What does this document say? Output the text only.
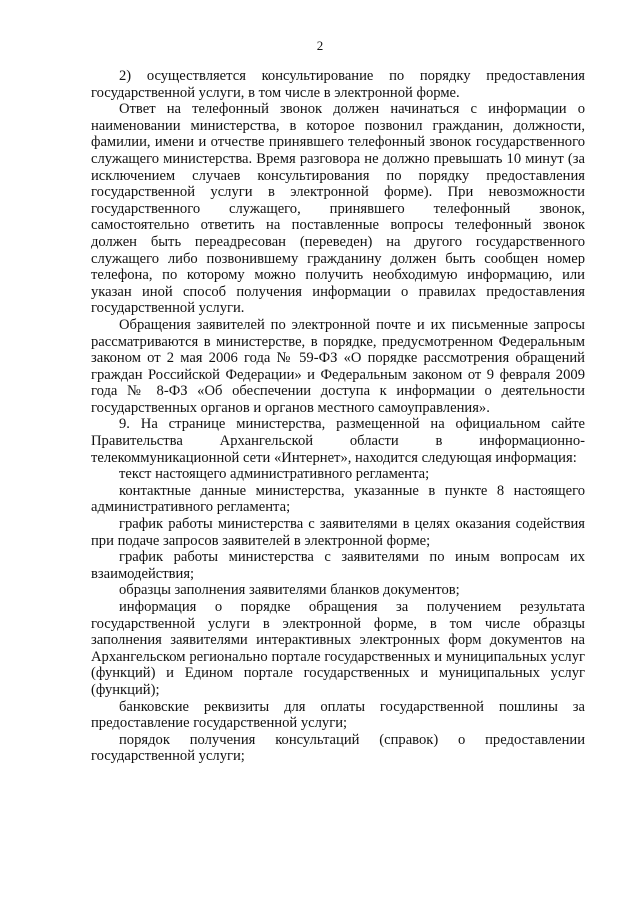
2

2) осуществляется консультирование по порядку предоставления государственной услуги, в том числе в электронной форме.

Ответ на телефонный звонок должен начинаться с информации о наименовании министерства, в которое позвонил гражданин, должности, фамилии, имени и отчестве принявшего телефонный звонок государственного служащего министерства. Время разговора не должно превышать 10 минут (за исключением случаев консультирования по порядку предоставления государственной услуги в электронной форме). При невозможности государственного служащего, принявшего телефонный звонок, самостоятельно ответить на поставленные вопросы телефонный звонок должен быть переадресован (переведен) на другого государственного служащего либо позвонившему гражданину должен быть сообщен номер телефона, по которому можно получить необходимую информацию, или указан иной способ получения информации о правилах предоставления государственной услуги.

Обращения заявителей по электронной почте и их письменные запросы рассматриваются в министерстве, в порядке, предусмотренном Федеральным законом от 2 мая 2006 года № 59-ФЗ «О порядке рассмотрения обращений граждан Российской Федерации» и Федеральным законом от 9 февраля 2009 года № 8-ФЗ «Об обеспечении доступа к информации о деятельности государственных органов и органов местного самоуправления».

9. На странице министерства, размещенной на официальном сайте Правительства Архангельской области в информационно-телекоммуникационной сети «Интернет», находится следующая информация:

текст настоящего административного регламента;

контактные данные министерства, указанные в пункте 8 настоящего административного регламента;

график работы министерства с заявителями в целях оказания содействия при подаче запросов заявителей в электронной форме;

график работы министерства с заявителями по иным вопросам их взаимодействия;

образцы заполнения заявителями бланков документов;

информация о порядке обращения за получением результата государственной услуги в электронной форме, в том числе образцы заполнения заявителями интерактивных электронных форм документов на Архангельском регионально портале государственных и муниципальных услуг (функций) и Едином портале государственных и муниципальных услуг (функций);

банковские реквизиты для оплаты государственной пошлины за предоставление государственной услуги;

порядок получения консультаций (справок) о предоставлении государственной услуги;
